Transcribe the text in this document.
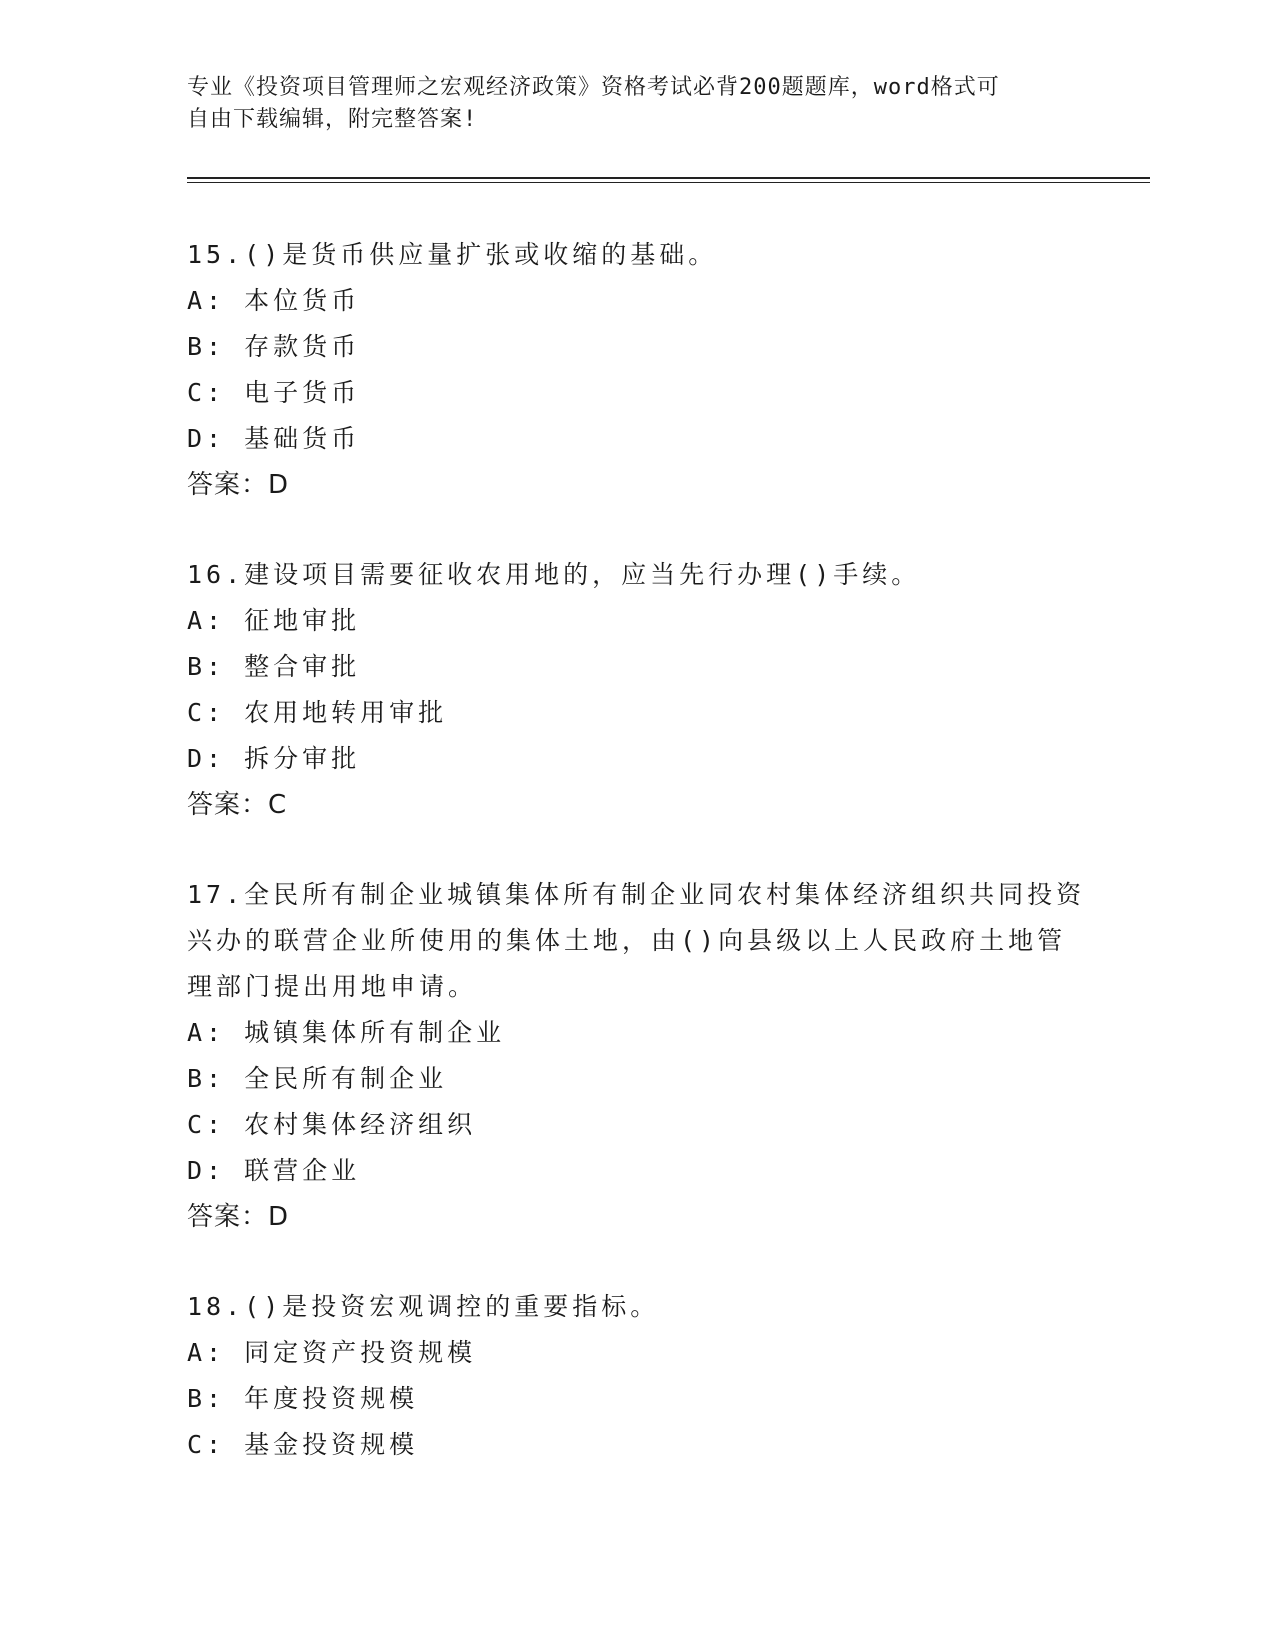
专业《投资项目管理师之宏观经济政策》资格考试必背200题题库，word格式可
自由下载编辑，附完整答案!
15.()是货币供应量扩张或收缩的基础。
A: 本位货币
B: 存款货币
C: 电子货币
D: 基础货币
答案：D
16.建设项目需要征收农用地的，应当先行办理()手续。
A: 征地审批
B: 整合审批
C: 农用地转用审批
D: 拆分审批
答案：C
17.全民所有制企业城镇集体所有制企业同农村集体经济组织共同投资
兴办的联营企业所使用的集体土地，由()向县级以上人民政府土地管
理部门提出用地申请。
A: 城镇集体所有制企业
B: 全民所有制企业
C: 农村集体经济组织
D: 联营企业
答案：D
18.()是投资宏观调控的重要指标。
A: 同定资产投资规模
B: 年度投资规模
C: 基金投资规模
